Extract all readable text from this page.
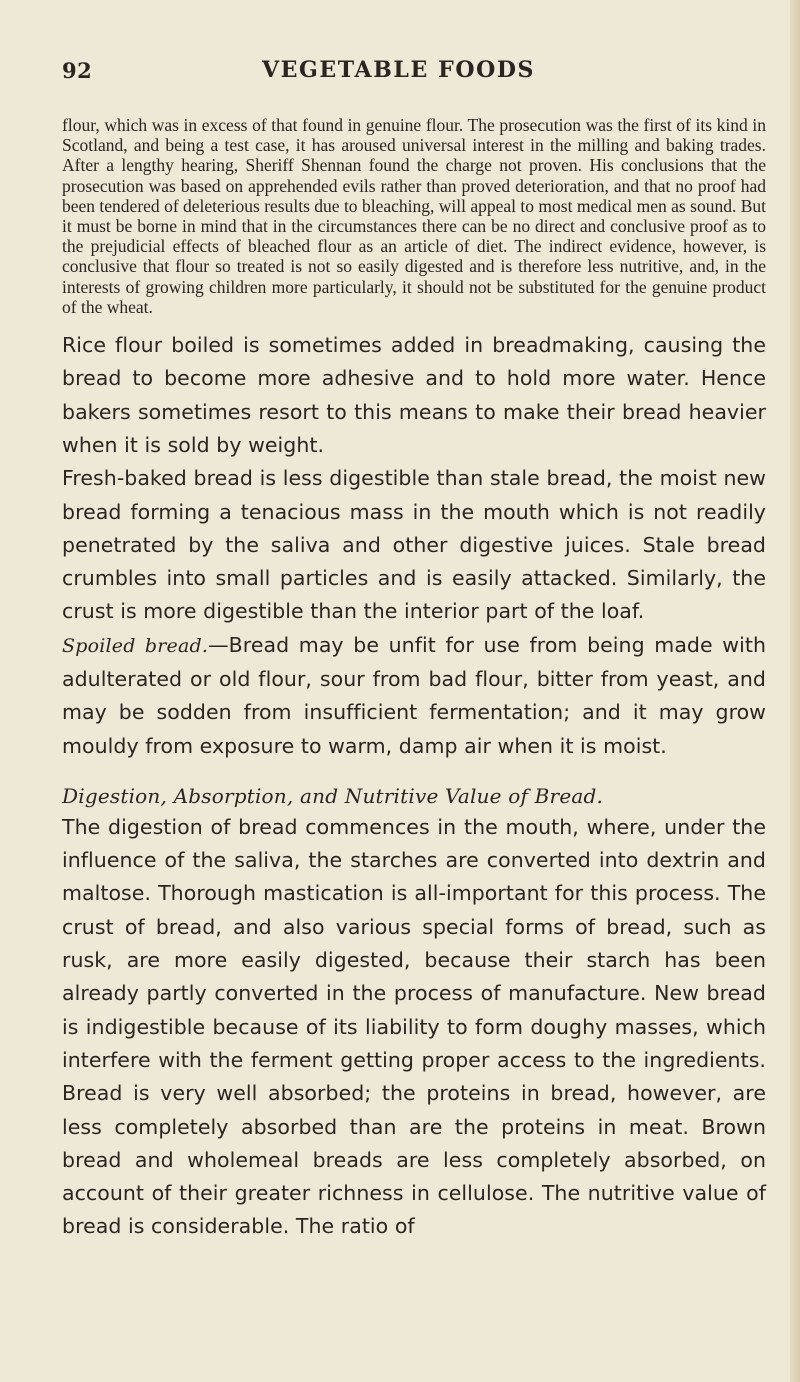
92	VEGETABLE FOODS

flour, which was in excess of that found in genuine flour. The prosecution was the first of its kind in Scotland, and being a test case, it has aroused universal interest in the milling and baking trades. After a lengthy hearing, Sheriff Shennan found the charge not proven. His conclusions that the prosecution was based on apprehended evils rather than proved deterioration, and that no proof had been tendered of deleterious results due to bleaching, will appeal to most medical men as sound. But it must be borne in mind that in the circumstances there can be no direct and conclusive proof as to the prejudicial effects of bleached flour as an article of diet. The indirect evidence, however, is conclusive that flour so treated is not so easily digested and is therefore less nutritive, and, in the interests of growing children more particularly, it should not be substituted for the genuine product of the wheat.

Rice flour boiled is sometimes added in breadmaking, causing the bread to become more adhesive and to hold more water. Hence bakers sometimes resort to this means to make their bread heavier when it is sold by weight.

Fresh-baked bread is less digestible than stale bread, the moist new bread forming a tenacious mass in the mouth which is not readily penetrated by the saliva and other digestive juices. Stale bread crumbles into small particles and is easily attacked. Similarly, the crust is more digestible than the interior part of the loaf.

Spoiled bread.—Bread may be unfit for use from being made with adulterated or old flour, sour from bad flour, bitter from yeast, and may be sodden from insufficient fermentation; and it may grow mouldy from exposure to warm, damp air when it is moist.

Digestion, Absorption, and Nutritive Value of Bread.

The digestion of bread commences in the mouth, where, under the influence of the saliva, the starches are converted into dextrin and maltose. Thorough mastication is all-important for this process. The crust of bread, and also various special forms of bread, such as rusk, are more easily digested, because their starch has been already partly converted in the process of manufacture. New bread is indigestible because of its liability to form doughy masses, which interfere with the ferment getting proper access to the ingredients. Bread is very well absorbed; the proteins in bread, however, are less completely absorbed than are the proteins in meat. Brown bread and wholemeal breads are less completely absorbed, on account of their greater richness in cellulose. The nutritive value of bread is considerable. The ratio of
